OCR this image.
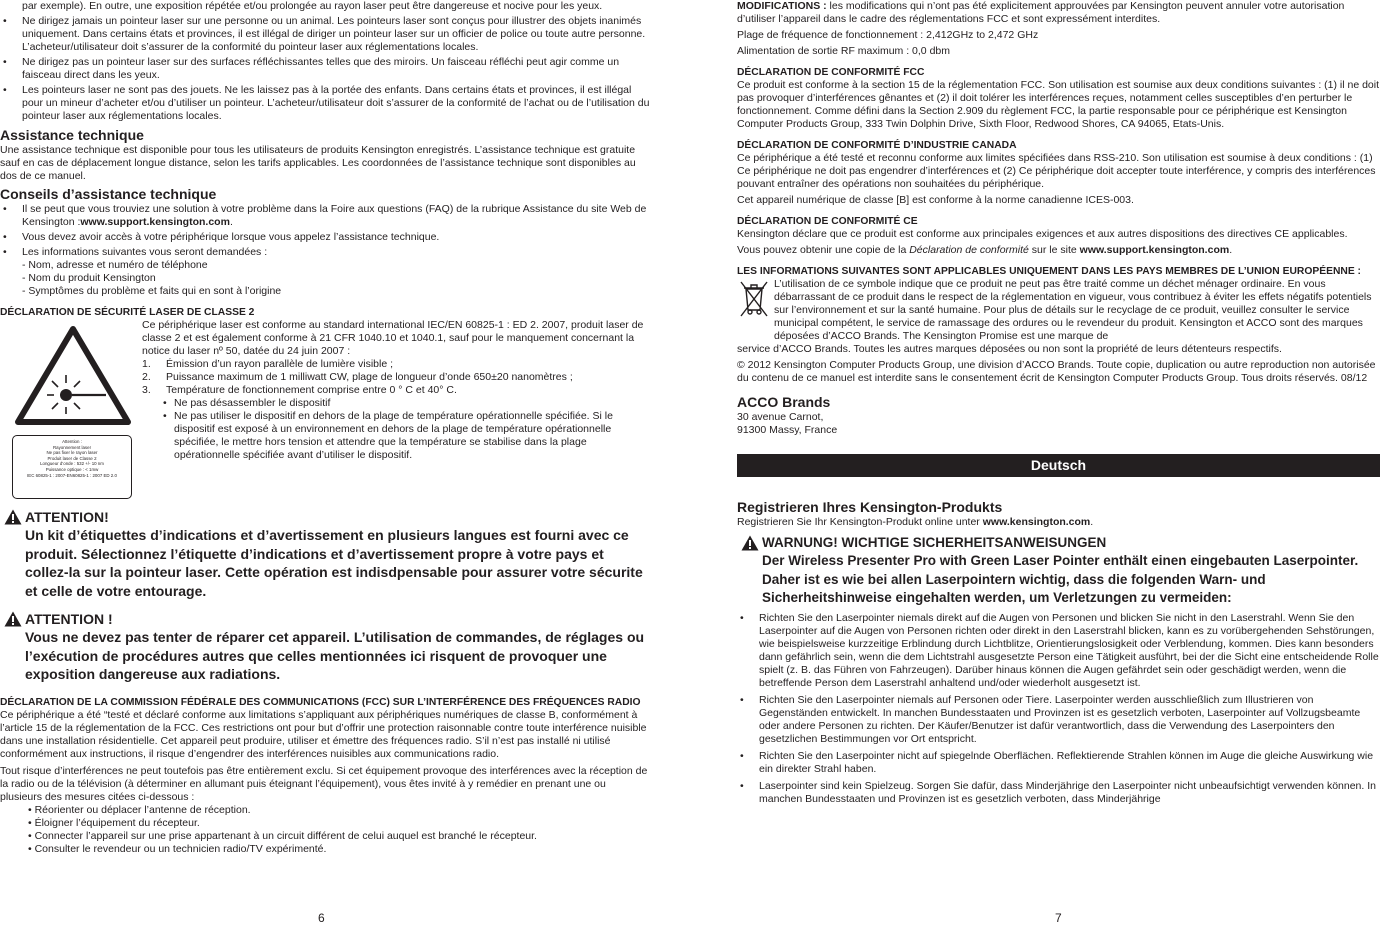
par exemple). En outre, une exposition répétée et/ou prolongée au rayon laser peut être dangereuse et nocive pour les yeux.

• Ne dirigez jamais un pointeur laser sur une personne ou un animal. Les pointeurs laser sont conçus pour illustrer des objets inanimés uniquement. Dans certains états et provinces, il est illégal de diriger un pointeur laser sur un officier de police ou toute autre personne. L’acheteur/utilisateur doit s’assurer de la conformité du pointeur laser aux réglementations locales.

• Ne dirigez pas un pointeur laser sur des surfaces réfléchissantes telles que des miroirs. Un faisceau réfléchi peut agir comme un faisceau direct dans les yeux.

• Les pointeurs laser ne sont pas des jouets. Ne les laissez pas à la portée des enfants. Dans certains états et provinces, il est illégal pour un mineur d’acheter et/ou d’utiliser un pointeur. L’acheteur/utilisateur doit s’assurer de la conformité de l’achat ou de l’utilisation du pointeur laser aux réglementations locales.

Assistance technique

Une assistance technique est disponible pour tous les utilisateurs de produits Kensington enregistrés. L’assistance technique est gratuite sauf en cas de déplacement longue distance, selon les tarifs applicables. Les coordonnées de l’assistance technique sont disponibles au dos de ce manuel.

Conseils d’assistance technique

• Il se peut que vous trouviez une solution à votre problème dans la Foire aux questions (FAQ) de la rubrique Assistance du site Web de Kensington :www.support.kensington.com.

• Vous devez avoir accès à votre périphérique lorsque vous appelez l’assistance technique.

• Les informations suivantes vous seront demandées :

- Nom, adresse et numéro de téléphone

- Nom du produit Kensington

- Symptômes du problème et faits qui en sont à l’origine

DÉCLARATION DE SÉCURITÉ LASER DE CLASSE 2
Attention :
Rayonnement laser
Ne pas fixer le rayon laser
Produit laser de Classe 2
Longueur d’onde : 532 +/- 10 nm
Puissance optique : < 1mw
IEC 60825-1 : 2007-EN60825-1 : 2007 ED 2.0

Ce périphérique laser est conforme au standard international IEC/EN 60825-1 : ED 2. 2007, produit laser de classe 2 et est également conforme à 21 CFR 1040.10 et 1040.1, sauf pour le manquement concernant la notice du laser nº 50, datée du 24 juin 2007 :

1. Émission d’un rayon parallèle de lumière visible ;

2. Puissance maximum de 1 milliwatt CW, plage de longueur d’onde 650±20 nanomètres ;

3. Température de fonctionnement comprise entre 0 ° C et 40° C.

• Ne pas désassembler le dispositif

• Ne pas utiliser le dispositif en dehors de la plage de température opérationnelle spécifiée. Si le dispositif est exposé à un environnement en dehors de la plage de température opérationnelle spécifiée, le mettre hors tension et attendre que la température se stabilise dans la plage opérationnelle spécifiée avant d’utiliser le dispositif.

ATTENTION!
Un kit d’étiquettes d’indications et d’avertissement en plusieurs langues est fourni avec ce produit. Sélectionnez l’étiquette d’indications et d’avertissement propre à votre pays et collez-la sur la pointeur laser. Cette opération est indisdpensable pour assurer votre sécurite et celle de votre entourage.
ATTENTION !
Vous ne devez pas tenter de réparer cet appareil. L’utilisation de commandes, de réglages ou l’exécution de procédures autres que celles mentionnées ici risquent de provoquer une exposition dangereuse aux radiations.
DÉCLARATION DE LA COMMISSION FÉDÉRALE DES COMMUNICATIONS (FCC) SUR L’INTERFÉRENCE DES FRÉQUENCES RADIO

Ce périphérique a été “testé et déclaré conforme aux limitations s’appliquant aux périphériques numériques de classe B, conformément à l’article 15 de la réglementation de la FCC. Ces restrictions ont pour but d’offrir une protection raisonnable contre toute interférence nuisible dans une installation résidentielle. Cet appareil peut produire, utiliser et émettre des fréquences radio. S’il n’est pas installé ni utilisé conformément aux instructions, il risque d’engendrer des interférences nuisibles aux communications radio.

Tout risque d’interférences ne peut toutefois pas être entièrement exclu. Si cet équipement provoque des interférences avec la réception de la radio ou de la télévision (à déterminer en allumant puis éteignant l’équipement), vous êtes invité à y remédier en prenant une ou plusieurs des mesures citées ci-dessous :

• Réorienter ou déplacer l’antenne de réception.

• Éloigner l’équipement du récepteur.

• Connecter l’appareil sur une prise appartenant à un circuit différent de celui auquel est branché le récepteur.

• Consulter le revendeur ou un technicien radio/TV expérimenté.

6

MODIFICATIONS : les modifications qui n’ont pas été explicitement approuvées par Kensington peuvent annuler votre autorisation d’utiliser l’appareil dans le cadre des réglementations FCC et sont expressément interdites.

Plage de fréquence de fonctionnement : 2,412GHz to 2,472 GHz

Alimentation de sortie RF maximum : 0,0 dbm

DÉCLARATION DE CONFORMITÉ FCC

Ce produit est conforme à la section 15 de la réglementation FCC. Son utilisation est soumise aux deux conditions suivantes : (1) il ne doit pas provoquer d’interférences gênantes et (2) il doit tolérer les interférences reçues, notamment celles susceptibles d’en perturber le fonctionnement. Comme défini dans la Section 2.909 du règlement FCC, la partie responsable pour ce périphérique est Kensington Computer Products Group, 333 Twin Dolphin Drive, Sixth Floor, Redwood Shores, CA 94065, Etats-Unis.

DÉCLARATION DE CONFORMITÉ D’INDUSTRIE CANADA

Ce périphérique a été testé et reconnu conforme aux limites spécifiées dans RSS-210. Son utilisation est soumise à deux conditions : (1) Ce périphérique ne doit pas engendrer d’interférences et (2) Ce périphérique doit accepter toute interférence, y compris des interférences pouvant entraîner des opérations non souhaitées du périphérique.

Cet appareil numérique de classe [B] est conforme à la norme canadienne ICES-003.

DÉCLARATION DE CONFORMITÉ CE

Kensington déclare que ce produit est conforme aux principales exigences et aux autres dispositions des directives CE applicables.

Vous pouvez obtenir une copie de la Déclaration de conformité sur le site www.support.kensington.com.

LES INFORMATIONS SUIVANTES SONT APPLICABLES UNIQUEMENT DANS LES PAYS MEMBRES DE L’UNION EUROPÉENNE :

L’utilisation de ce symbole indique que ce produit ne peut pas être traité comme un déchet ménager ordinaire. En vous débarrassant de ce produit dans le respect de la réglementation en vigueur, vous contribuez à éviter les effets négatifs potentiels sur l’environnement et sur la santé humaine. Pour plus de détails sur le recyclage de ce produit, veuillez consulter le service municipal compétent, le service de ramassage des ordures ou le revendeur du produit. Kensington et ACCO sont des marques déposées d’ACCO Brands. The Kensington Promise est une marque de

service d’ACCO Brands. Toutes les autres marques déposées ou non sont la propriété de leurs détenteurs respectifs.

© 2012 Kensington Computer Products Group, une division d’ACCO Brands. Toute copie, duplication ou autre reproduction non autorisée du contenu de ce manuel est interdite sans le consentement écrit de Kensington Computer Products Group. Tous droits réservés. 08/12

ACCO Brands

30 avenue Carnot,

91300 Massy, France

Deutsch
Registrieren Ihres Kensington-Produkts

Registrieren Sie Ihr Kensington-Produkt online unter www.kensington.com.

WARNUNG! WICHTIGE SICHERHEITSANWEISUNGEN
Der Wireless Presenter Pro with Green Laser Pointer enthält einen eingebauten Laserpointer. Daher ist es wie bei allen Laserpointern wichtig, dass die folgenden Warn- und Sicherheitshinweise eingehalten werden, um Verletzungen zu vermeiden:

• Richten Sie den Laserpointer niemals direkt auf die Augen von Personen und blicken Sie nicht in den Laserstrahl. Wenn Sie den Laserpointer auf die Augen von Personen richten oder direkt in den Laserstrahl blicken, kann es zu vorübergehenden Sehstörungen, wie beispielsweise kurzzeitige Erblindung durch Lichtblitze, Orientierungslosigkeit oder Verblendung, kommen. Dies kann besonders dann gefährlich sein, wenn die dem Lichtstrahl ausgesetzte Person eine Tätigkeit ausführt, bei der die Sicht eine entscheidende Rolle spielt (z. B. das Führen von Fahrzeugen). Darüber hinaus können die Augen gefährdet sein oder geschädigt werden, wenn die betreffende Person dem Laserstrahl anhaltend und/oder wiederholt ausgesetzt ist.

• Richten Sie den Laserpointer niemals auf Personen oder Tiere. Laserpointer werden ausschließlich zum Illustrieren von Gegenständen entwickelt. In manchen Bundesstaaten und Provinzen ist es gesetzlich verboten, Laserpointer auf Vollzugsbeamte oder andere Personen zu richten. Der Käufer/Benutzer ist dafür verantwortlich, dass die Verwendung des Laserpointers den gesetzlichen Bestimmungen vor Ort entspricht.

• Richten Sie den Laserpointer nicht auf spiegelnde Oberflächen. Reflektierende Strahlen können im Auge die gleiche Auswirkung wie ein direkter Strahl haben.

• Laserpointer sind kein Spielzeug. Sorgen Sie dafür, dass Minderjährige den Laserpointer nicht unbeaufsichtigt verwenden können. In manchen Bundesstaaten und Provinzen ist es gesetzlich verboten, dass Minderjährige

7
